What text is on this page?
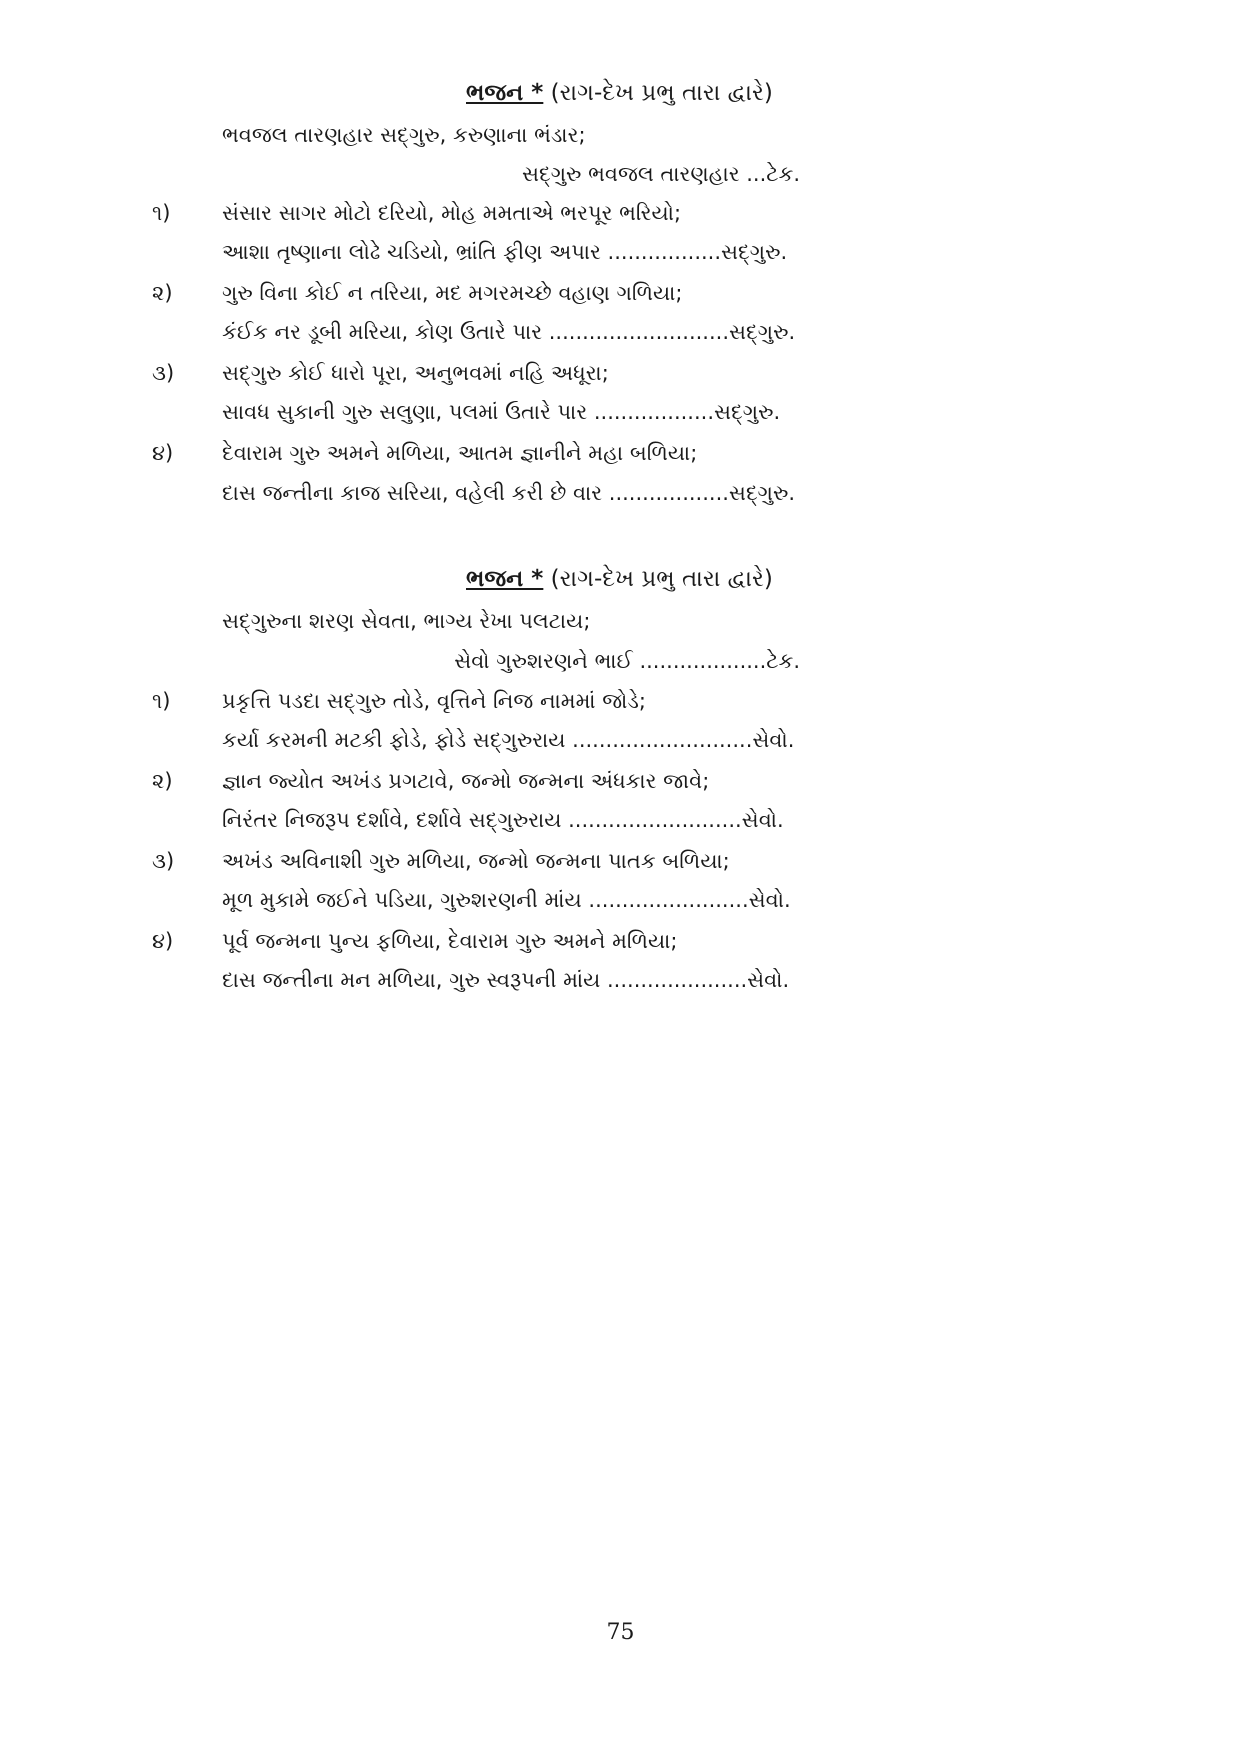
ભજન * (રાગ-દેખ પ્રભુ તારા દ્વારે)
ભવજલ તારણહાર સદ્‌ગુરુ, કરુણાના ભંડાર;
સદ્‌ગુરુ ભવજલ તારણહાર ...ટેક.
૧) સંસાર સાગર મોટો દરિયો, મોહ મમતાએ ભરપૂર ભરિયો;
આશા તૃષ્ણાના લોઢે ચડિયો, ભ્રાંતિ ફીણ અપાર .................સદ્‌ગુરુ.
૨) ગુરુ વિના કોઈ ન તરિયા, મદ મગરમચ્છે વહાણ ગળિયા;
કંઈક નર ડૂબી મરિયા, કોણ ઉતારે પાર ...........................સદ્‌ગુરુ.
૩) સદ્‌ગુરુ કોઈ ધારો પૂરા, અનુભવમાં નહિ અધૂરા;
સાવધ સુકાની ગુરુ સલુણા, પલમાં ઉતારે પાર ..................સદ્‌ગુરુ.
૪) દેવારામ ગુરુ અમને મળિયા, આતમ જ્ઞાનીને મહા બળિયા;
દાસ જન્તીના કાજ સરિયા, વહેલી કરી છે વાર ..................સદ્‌ગુરુ.
ભજન * (રાગ-દેખ પ્રભુ તારા દ્વારે)
સદ્‌ગુરુના શરણ સેવતા, ભાગ્ય રેખા પલટાય;
સેવો ગુરુશરણને ભાઈ ...................ટેક.
૧) પ્રકૃત્તિ પડદા સદ્‌ગુરુ તોડે, વૃત્તિને નિજ નામમાં જોડે;
કર્યા કરમની મટકી ફોડે, ફોડે સદ્‌ગુરુરાય ...........................સેવો.
૨) જ્ઞાન જ્યોત અખંડ પ્રગટાવે, જન્મો જન્મના અંધકાર જાવે;
નિરંતર નિજરૂપ દર્શાવે, દર્શાવે સદ્‌ગુરુરાય ..........................સેવો.
૩) અખંડ અવિનાશી ગુરુ મળિયા, જન્મો જન્મના પાતક બળિયા;
મૂળ મુકામે જઈને પડિયા, ગુરુશરણની માંય ........................સેવો.
૪) પૂર્વ જન્મના પુન્ય ફળિયા, દેવારામ ગુરુ અમને મળિયા;
દાસ જન્તીના મન મળિયા, ગુરુ સ્વરૂપની માંય .....................સેવો.
75
